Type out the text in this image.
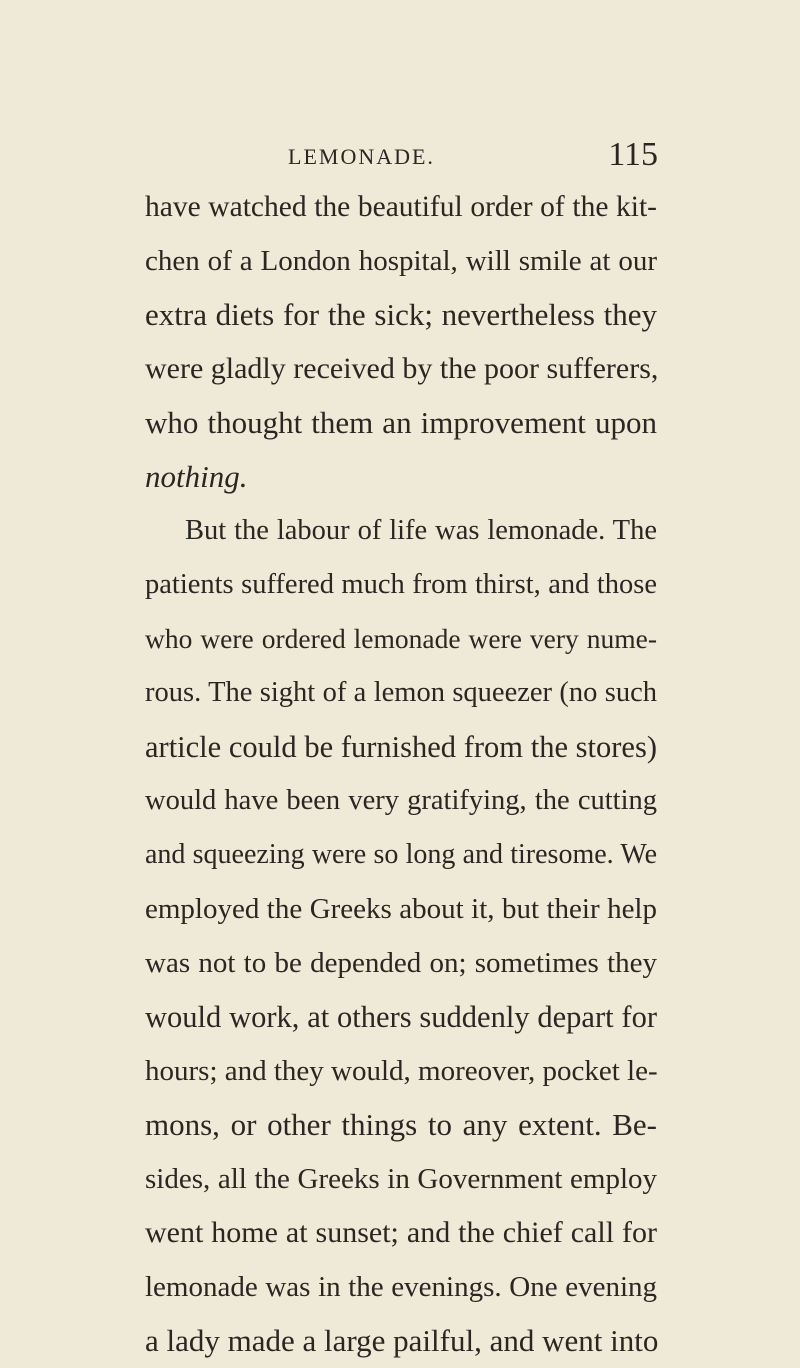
LEMONADE.	115
have watched the beautiful order of the kit-
chen of a London hospital, will smile at our
extra diets for the sick; nevertheless they
were gladly received by the poor sufferers,
who thought them an improvement upon
nothing.
But the labour of life was lemonade. The
patients suffered much from thirst, and those
who were ordered lemonade were very nume-
rous. The sight of a lemon squeezer (no such
article could be furnished from the stores)
would have been very gratifying, the cutting
and squeezing were so long and tiresome. We
employed the Greeks about it, but their help
was not to be depended on; sometimes they
would work, at others suddenly depart for
hours; and they would, moreover, pocket le-
mons, or other things to any extent. Be-
sides, all the Greeks in Government employ
went home at sunset; and the chief call for
lemonade was in the evenings. One evening
a lady made a large pailful, and went into
